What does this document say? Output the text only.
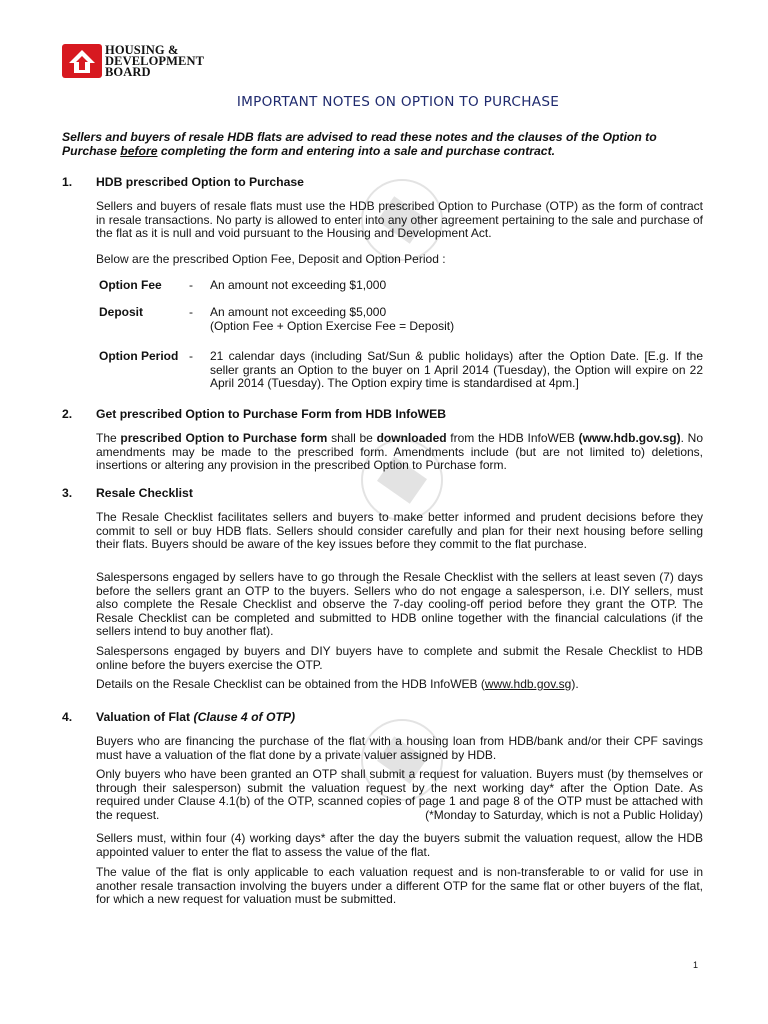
HOUSING &
DEVELOPMENT
BOARD
IMPORTANT NOTES ON OPTION TO PURCHASE
Sellers and buyers of resale HDB flats are advised to read these notes and the clauses of the Option to Purchase before completing the form and entering into a sale and purchase contract.
1. HDB prescribed Option to Purchase
Sellers and buyers of resale flats must use the HDB prescribed Option to Purchase (OTP) as the form of contract in resale transactions. No party is allowed to enter into any other agreement pertaining to the sale and purchase of the flat as it is null and void pursuant to the Housing and Development Act.
Below are the prescribed Option Fee, Deposit and Option Period :
Option Fee - An amount not exceeding $1,000
Deposit	- An amount not exceeding $5,000
(Option Fee + Option Exercise Fee = Deposit)
Option Period - 21 calendar days (including Sat/Sun & public holidays) after the Option Date. [E.g. If the seller grants an Option to the buyer on 1 April 2014 (Tuesday), the Option will expire on 22 April 2014 (Tuesday). The Option expiry time is standardised at 4pm.]
2. Get prescribed Option to Purchase Form from HDB InfoWEB
The prescribed Option to Purchase form shall be downloaded from the HDB InfoWEB (www.hdb.gov.sg). No amendments may be made to the prescribed form. Amendments include (but are not limited to) deletions, insertions or altering any provision in the prescribed Option to Purchase form.
3. Resale Checklist
The Resale Checklist facilitates sellers and buyers to make better informed and prudent decisions before they commit to sell or buy HDB flats. Sellers should consider carefully and plan for their next housing before selling their flats. Buyers should be aware of the key issues before they commit to the flat purchase.
Salespersons engaged by sellers have to go through the Resale Checklist with the sellers at least seven (7) days before the sellers grant an OTP to the buyers. Sellers who do not engage a salesperson, i.e. DIY sellers, must also complete the Resale Checklist and observe the 7-day cooling-off period before they grant the OTP. The Resale Checklist can be completed and submitted to HDB online together with the financial calculations (if the sellers intend to buy another flat).
Salespersons engaged by buyers and DIY buyers have to complete and submit the Resale Checklist to HDB online before the buyers exercise the OTP.
Details on the Resale Checklist can be obtained from the HDB InfoWEB (www.hdb.gov.sg).
4. Valuation of Flat (Clause 4 of OTP)
Buyers who are financing the purchase of the flat with a housing loan from HDB/bank and/or their CPF savings must have a valuation of the flat done by a private valuer assigned by HDB.
Only buyers who have been granted an OTP shall submit a request for valuation. Buyers must (by themselves or through their salesperson) submit the valuation request by the next working day* after the Option Date. As required under Clause 4.1(b) of the OTP, scanned copies of page 1 and page 8 of the OTP must be attached with the request.	(*Monday to Saturday, which is not a Public Holiday)
Sellers must, within four (4) working days* after the day the buyers submit the valuation request, allow the HDB appointed valuer to enter the flat to assess the value of the flat.
The value of the flat is only applicable to each valuation request and is non-transferable to or valid for use in another resale transaction involving the buyers under a different OTP for the same flat or other buyers of the flat, for which a new request for valuation must be submitted.
1
